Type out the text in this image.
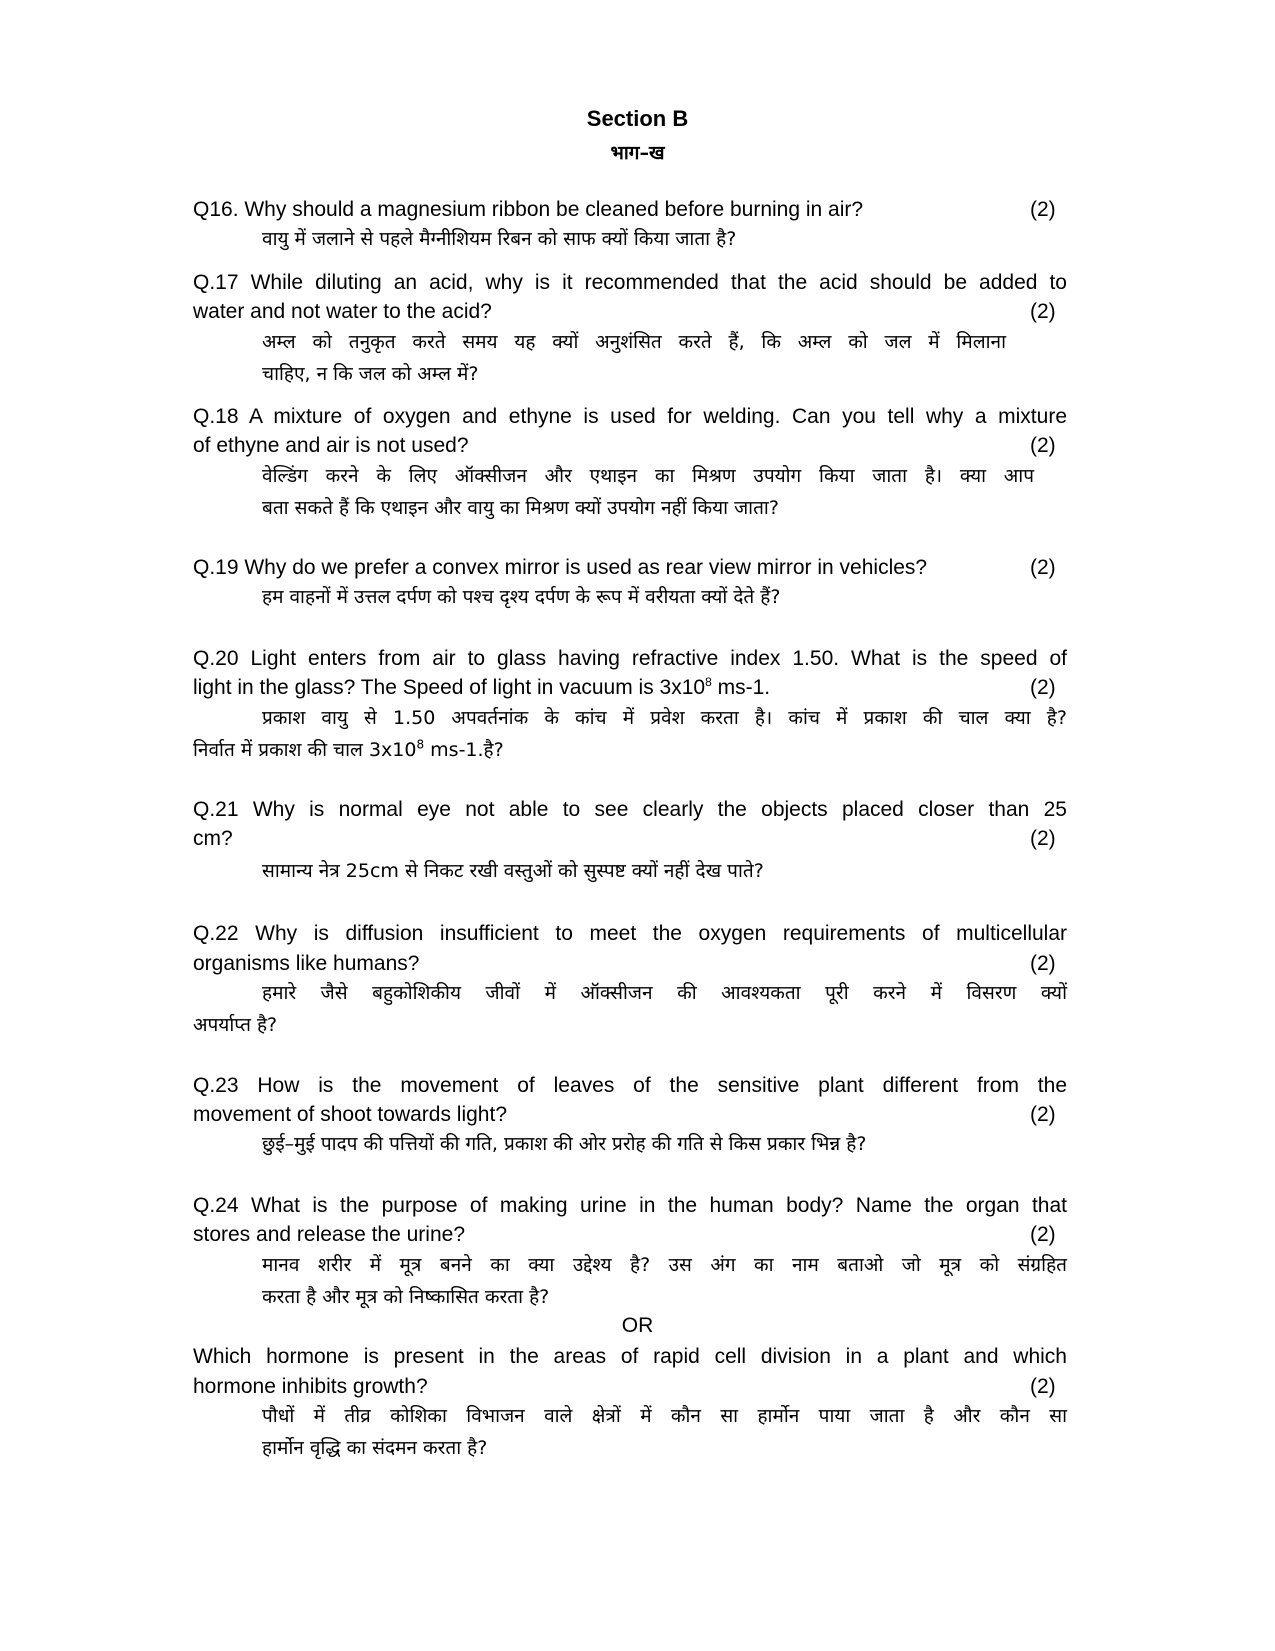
Section B
भाग–ख
Q16. Why should a magnesium ribbon be cleaned before burning in air?	(2)
वायु में जलाने से पहले मैग्नीशियम रिबन को साफ क्यों किया जाता है?
Q.17 While diluting an acid, why is it recommended that the acid should be added to
water and not water to the acid?	(2)
अम्ल को तनुकृत करते समय यह क्यों अनुशंसित करते हैं, कि अम्ल को जल में मिलाना
चाहिए, न कि जल को अम्ल में?
Q.18 A mixture of oxygen and ethyne is used for welding. Can you tell why a mixture
of ethyne and air is not used?	(2)
वेल्डिंग करने के लिए ऑक्सीजन और एथाइन का मिश्रण उपयोग किया जाता है। क्या आप
बता सकते हैं कि एथाइन और वायु का मिश्रण क्यों उपयोग नहीं किया जाता?
Q.19 Why do we prefer a convex mirror is used as rear view mirror in vehicles?	(2)
हम वाहनों में उत्तल दर्पण को पश्च दृश्य दर्पण के रूप में वरीयता क्यों देते हैं?
Q.20 Light enters from air to glass having refractive index 1.50. What is the speed of
light in the glass? The Speed of light in vacuum is $3x10^8$ ms-1.	(2)
प्रकाश वायु से 1.50 अपवर्तनांक के कांच में प्रवेश करता है। कांच में प्रकाश की चाल क्या है?
निर्वात में प्रकाश की चाल $3x10^8$ ms-1.है?
Q.21 Why is normal eye not able to see clearly the objects placed closer than 25
cm?	(2)
सामान्य नेत्र 25cm से निकट रखी वस्तुओं को सुस्पष्ट क्यों नहीं देख पाते?
Q.22 Why is diffusion insufficient to meet the oxygen requirements of multicellular
organisms like humans?	(2)
हमारे जैसे बहुकोशिकीय जीवों में ऑक्सीजन की आवश्यकता पूरी करने में विसरण क्यों
अपर्याप्त है?
Q.23 How is the movement of leaves of the sensitive plant different from the
movement of shoot towards light?	(2)
छुई–मुई पादप की पत्तियों की गति, प्रकाश की ओर प्ररोह की गति से किस प्रकार भिन्न है?
Q.24 What is the purpose of making urine in the human body? Name the organ that
stores and release the urine?	(2)
मानव शरीर में मूत्र बनने का क्या उद्देश्य है? उस अंग का नाम बताओ जो मूत्र को संग्रहित
करता है और मूत्र को निष्कासित करता है?
OR
Which hormone is present in the areas of rapid cell division in a plant and which
hormone inhibits growth?	(2)
पौधों में तीव्र कोशिका विभाजन वाले क्षेत्रों में कौन सा हार्मोन पाया जाता है और कौन सा
हार्मोन वृद्धि का संदमन करता है?
